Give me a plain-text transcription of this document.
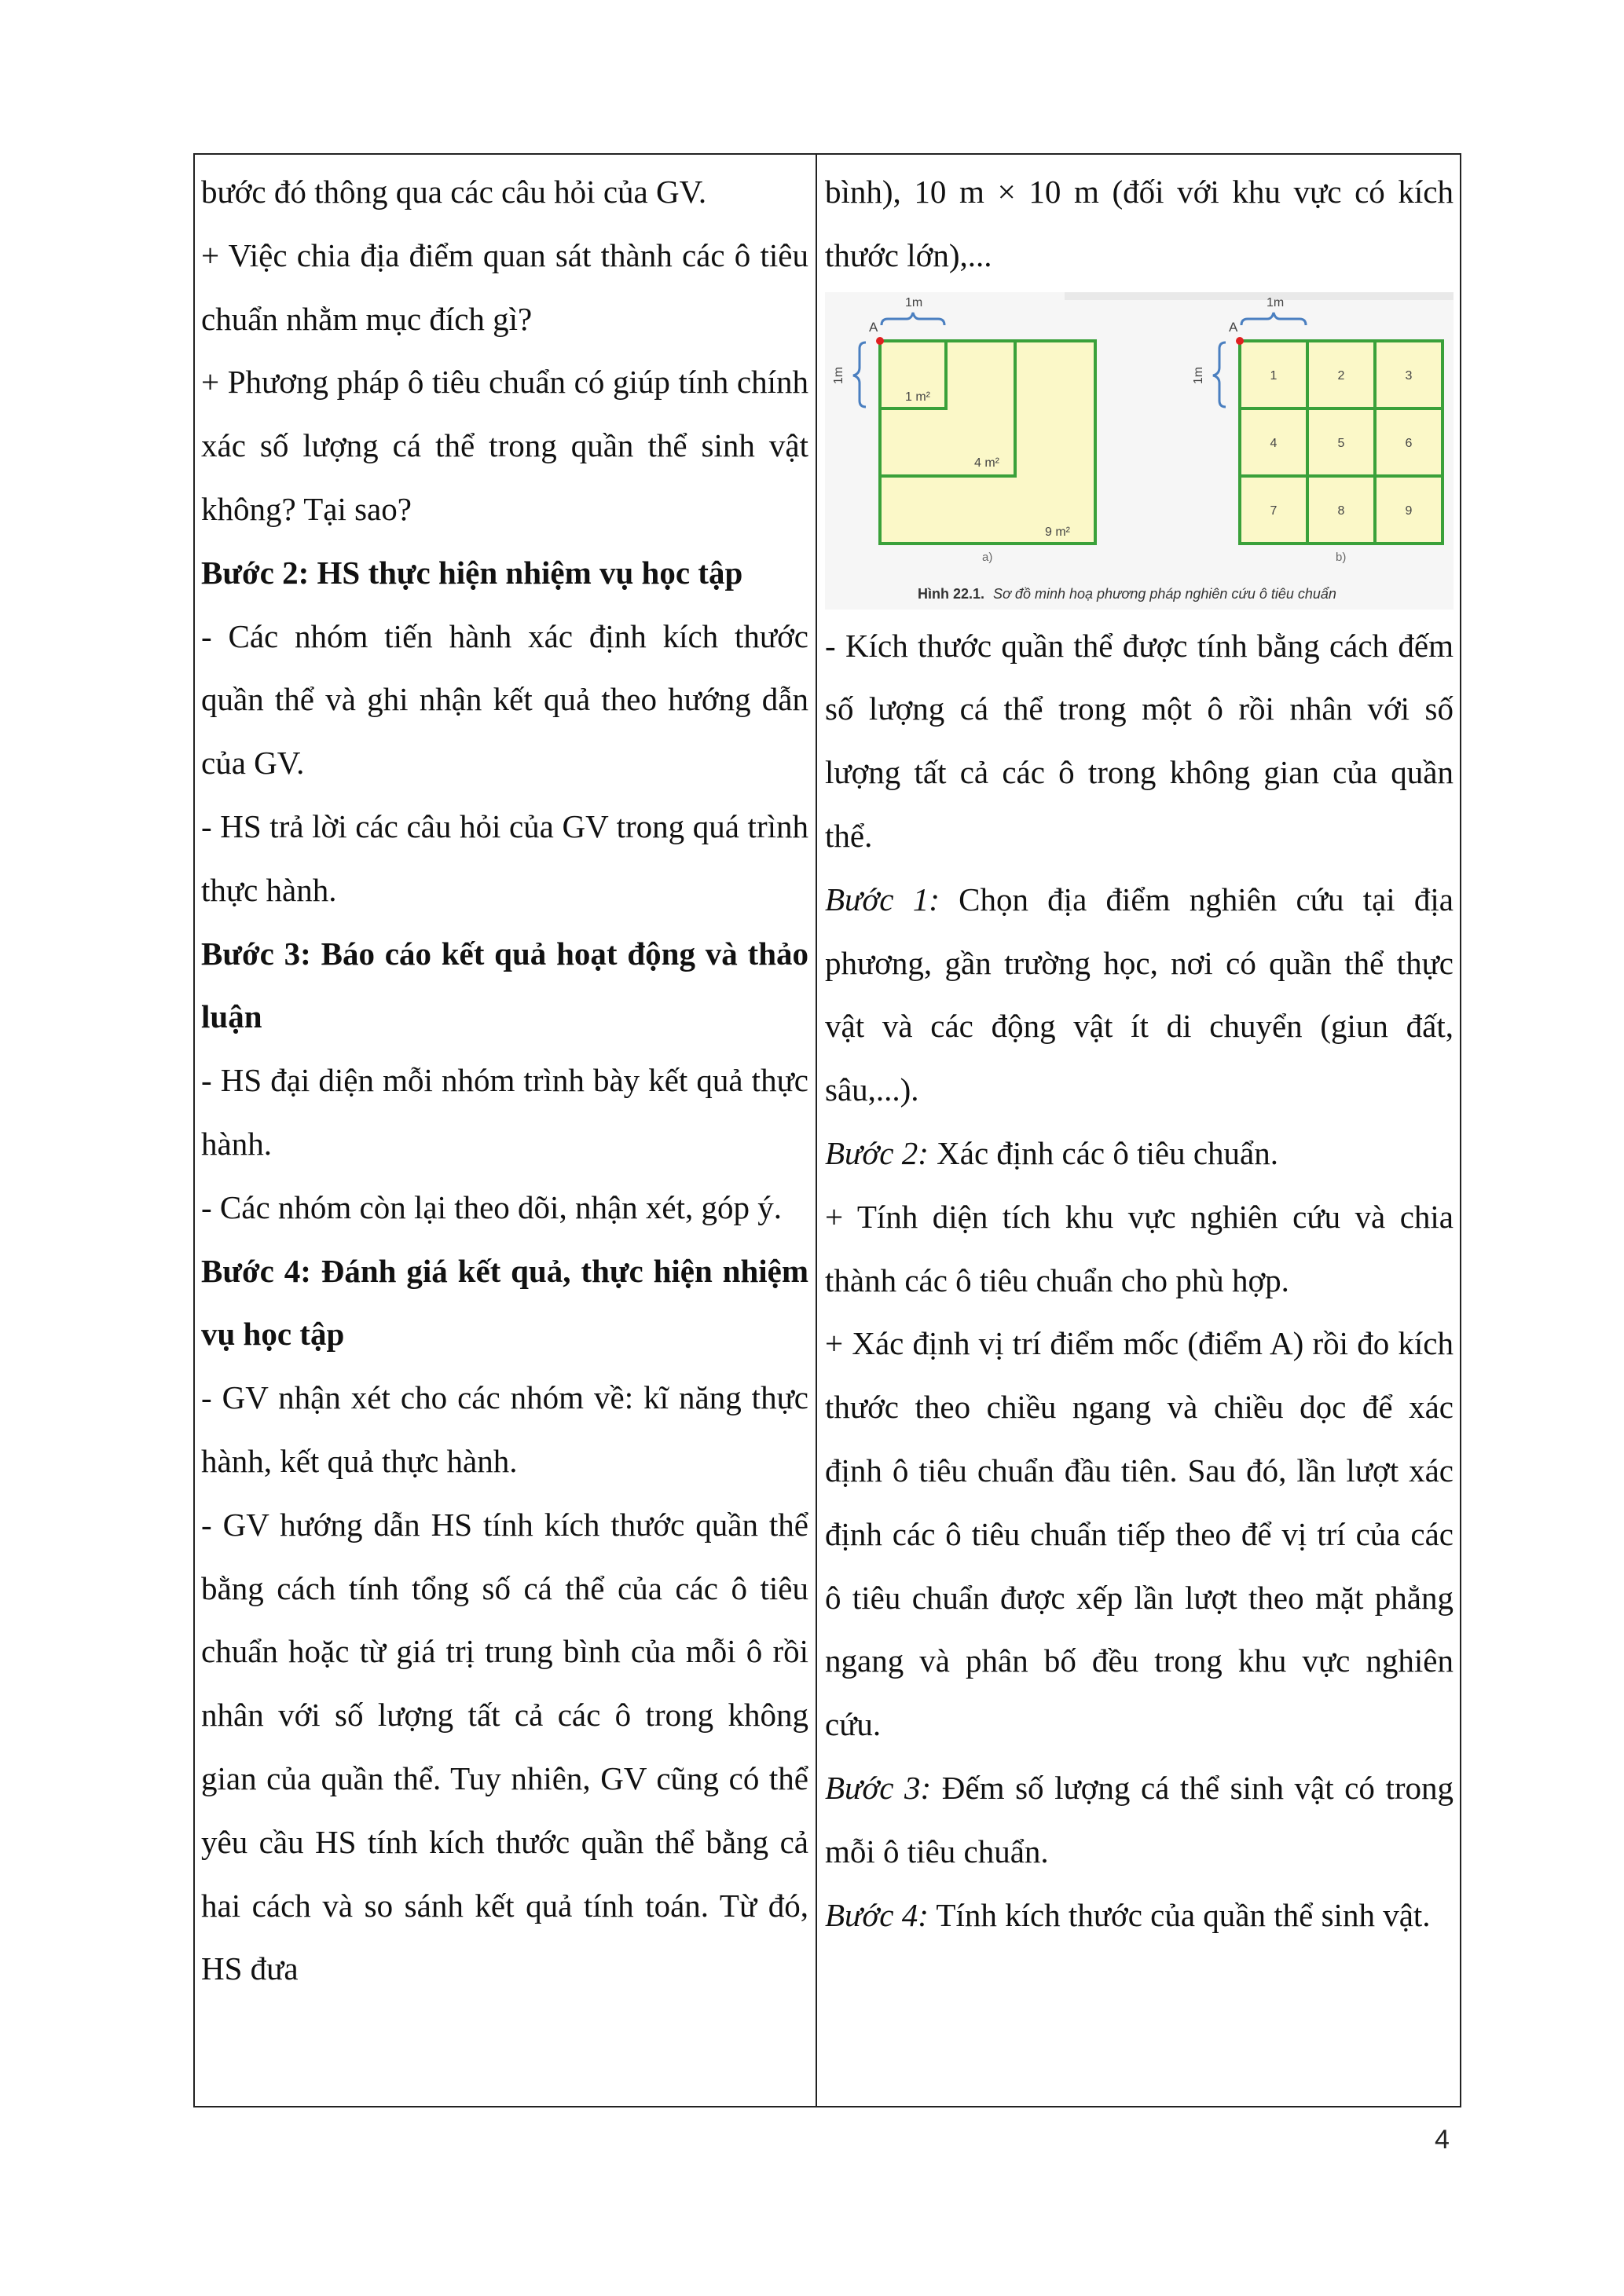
bước đó thông qua các câu hỏi của GV.
+ Việc chia địa điểm quan sát thành các ô tiêu chuẩn nhằm mục đích gì?
+ Phương pháp ô tiêu chuẩn có giúp tính chính xác số lượng cá thể trong quần thể sinh vật không? Tại sao?
Bước 2: HS thực hiện nhiệm vụ học tập
- Các nhóm tiến hành xác định kích thước quần thể và ghi nhận kết quả theo hướng dẫn của GV.
- HS trả lời các câu hỏi của GV trong quá trình thực hành.
Bước 3: Báo cáo kết quả hoạt động và thảo luận
- HS đại diện mỗi nhóm trình bày kết quả thực hành.
- Các nhóm còn lại theo dõi, nhận xét, góp ý.
Bước 4: Đánh giá kết quả, thực hiện nhiệm vụ học tập
- GV nhận xét cho các nhóm về: kĩ năng thực hành, kết quả thực hành.
- GV hướng dẫn HS tính kích thước quần thể bằng cách tính tổng số cá thể của các ô tiêu chuẩn hoặc từ giá trị trung bình của mỗi ô rồi nhân với số lượng tất cả các ô trong không gian của quần thể. Tuy nhiên, GV cũng có thể yêu cầu HS tính kích thước quần thể bằng cả hai cách và so sánh kết quả tính toán. Từ đó, HS đưa
bình), 10 m × 10 m (đối với khu vực có kích thước lớn),...
A
1m
1m
1 m²
4 m²
9 m²
a)
A
1m
1m	1	2	3
4	5	6
7	8	9
b)
Hình 22.1. Sơ đồ minh hoạ phương pháp nghiên cứu ô tiêu chuẩn
- Kích thước quần thể được tính bằng cách đếm số lượng cá thể trong một ô rồi nhân với số lượng tất cả các ô trong không gian của quần thể.
Bước 1: Chọn địa điểm nghiên cứu tại địa phương, gần trường học, nơi có quần thể thực vật và các động vật ít di chuyển (giun đất, sâu,...).
Bước 2: Xác định các ô tiêu chuẩn.
+ Tính diện tích khu vực nghiên cứu và chia thành các ô tiêu chuẩn cho phù hợp.
+ Xác định vị trí điểm mốc (điểm A) rồi đo kích thước theo chiều ngang và chiều dọc để xác định ô tiêu chuẩn đầu tiên. Sau đó, lần lượt xác định các ô tiêu chuẩn tiếp theo để vị trí của các ô tiêu chuẩn được xếp lần lượt theo mặt phẳng ngang và phân bố đều trong khu vực nghiên cứu.
Bước 3: Đếm số lượng cá thể sinh vật có trong mỗi ô tiêu chuẩn.
Bước 4: Tính kích thước của quần thể sinh vật.
4
